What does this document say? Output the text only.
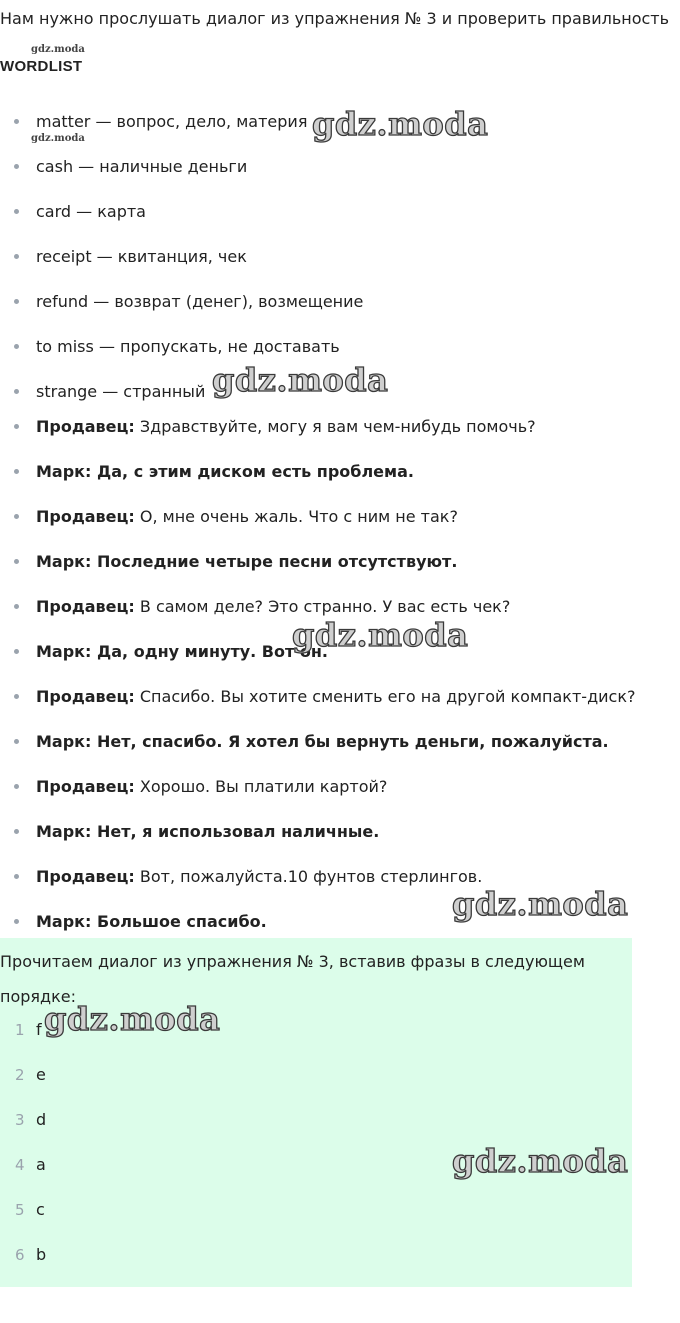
Нам нужно прослушать диалог из упражнения № 3 и проверить правильность

gdz.moda
WORDLIST
matter — вопрос, дело, материя
cash — наличные деньги
card — карта
receipt — квитанция, чек
refund — возврат (денег), возмещение
to miss — пропускать, не доставать
strange — странный
gdz.moda
Продавец: Здравствуйте, могу я вам чем-нибудь помочь?
Марк: Да, с этим диском есть проблема.
Продавец: О, мне очень жаль. Что с ним не так?
Марк: Последние четыре песни отсутствуют.
Продавец: В самом деле? Это странно. У вас есть чек?
Марк: Да, одну минуту. Вот он.
Продавец: Спасибо. Вы хотите сменить его на другой компакт-диск?
Марк: Нет, спасибо. Я хотел бы вернуть деньги, пожалуйста.
Продавец: Хорошо. Вы платили картой?
Марк: Нет, я использовал наличные.
Продавец: Вот, пожалуйста.10 фунтов стерлингов.
Марк: Большое спасибо.

Прочитаем диалог из упражнения № 3, вставив фразы в следующем порядке:

1 f
2 e
3 d
4 a
5 c
6 b
gdz.moda
gdz.moda
gdz.moda
gdz.moda
gdz.moda
gdz.moda
